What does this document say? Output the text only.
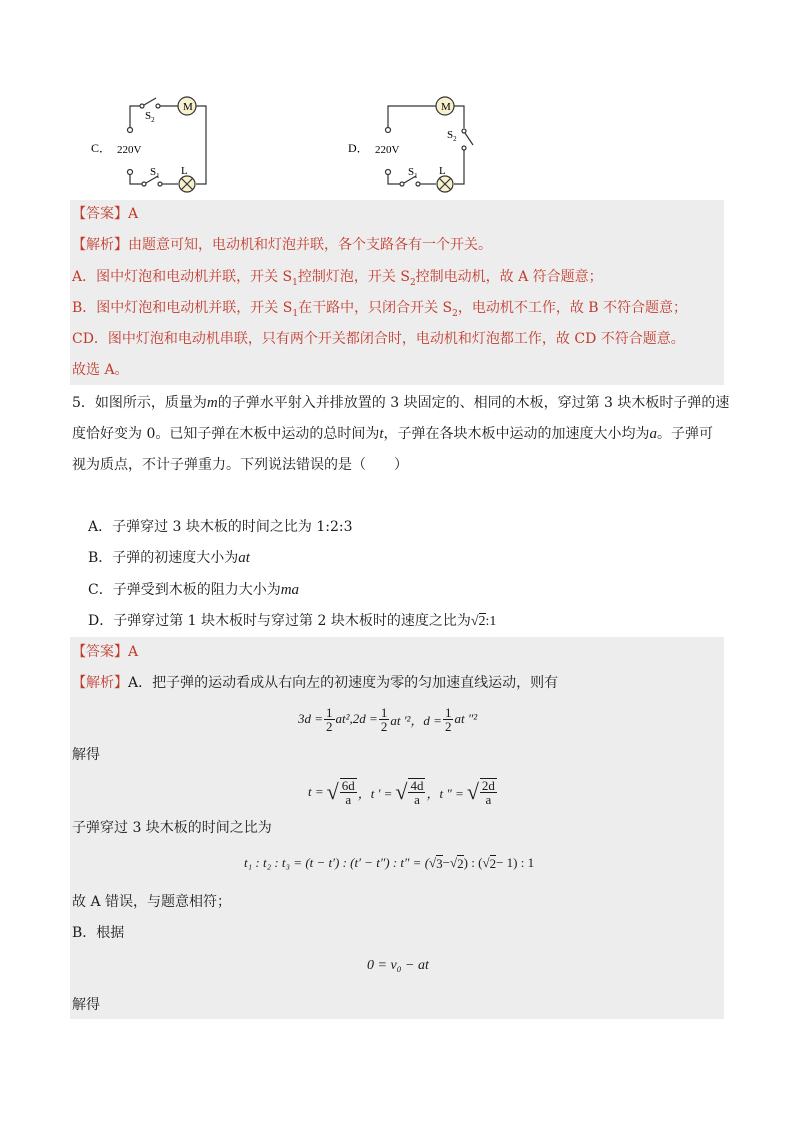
M
$S_2$
C． 220V
$S_1$ L
M
$S_2$
D． 220V
$S_1$ L
【答案】A
【解析】由题意可知，电动机和灯泡并联，各个支路各有一个开关。
A．图中灯泡和电动机并联，开关 $S_1$控制灯泡，开关 $S_2$控制电动机，故 A 符合题意；
B．图中灯泡和电动机并联，开关 $S_1$在干路中，只闭合开关 $S_2$，电动机不工作，故 B 不符合题意；
CD．图中灯泡和电动机串联，只有两个开关都闭合时，电动机和灯泡都工作，故 CD 不符合题意。
故选 A。
5．如图所示，质量为m的子弹水平射入并排放置的 3 块固定的、相同的木板，穿过第 3 块木板时子弹的速
度恰好变为 0。已知子弹在木板中运动的总时间为t，子弹在各块木板中运动的加速度大小均为a。子弹可
视为质点，不计子弹重力。下列说法错误的是（　　）
A．子弹穿过 3 块木板的时间之比为 1:2:3
B．子弹的初速度大小为at
C．子弹受到木板的阻力大小为ma
D．子弹穿过第 1 块木板时与穿过第 2 块木板时的速度之比为√2:1
【答案】A
【解析】A．把子弹的运动看成从右向左的初速度为零的匀加速直线运动，则有
$3d = \frac{1}{2} at^2,2d = \frac{1}{2}$ at ′²，$d = \frac{1}{2}$ at ″²
解得
t = √ $\frac{6d}{a}$ ，t ' = √ $\frac{4d}{a}$ ，t " = √ $\frac{2d}{a}$
子弹穿过 3 块木板的时间之比为
t₁ : t₂ : t₃ = (t − t′) : (t′ − t″) : t″ = ( √ 3 − √ 2 ) : ( √ 2 − 1) : 1
故 A 错误，与题意相符；
B．根据
0 = v₀ − at
解得
